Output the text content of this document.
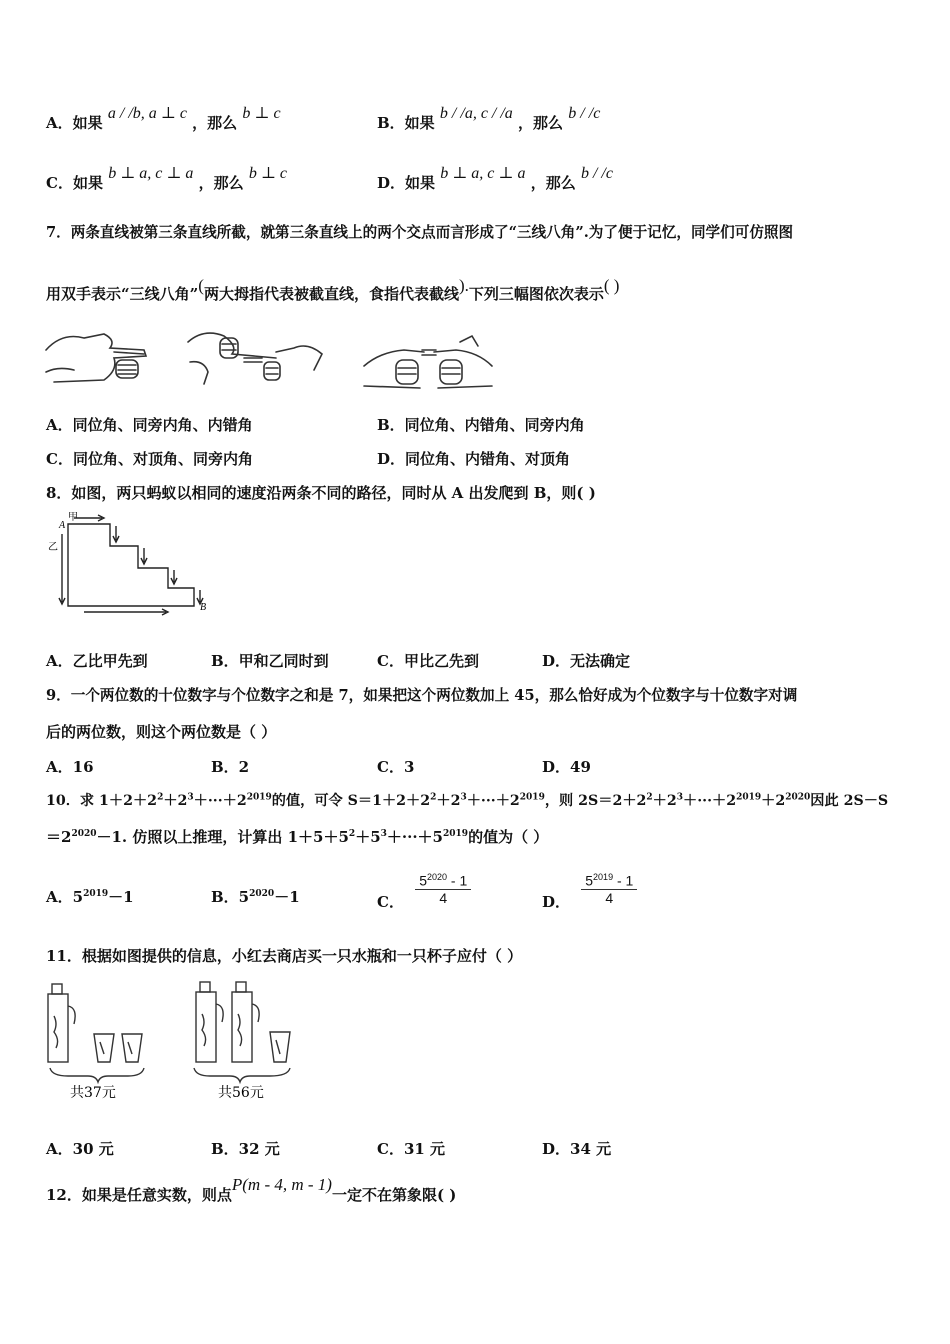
A．如果 a / /b, a ⊥ c ，那么 b ⊥ c
B．如果 b / /a, c / /a ，那么 b / /c
C．如果 b ⊥ a, c ⊥ a ，那么 b ⊥ c
D．如果 b ⊥ a, c ⊥ a ，那么 b / /c
7．两条直线被第三条直线所截，就第三条直线上的两个交点而言形成了“三线八角”.为了便于记忆，同学们可仿照图
用双手表示“三线八角”(两大拇指代表被截直线，食指代表截线).下列三幅图依次表示( )
A．同位角、同旁内角、内错角	B．同位角、内错角、同旁内角
C．同位角、对顶角、同旁内角	D．同位角、内错角、对顶角
8．如图，两只蚂蚁以相同的速度沿两条不同的路径，同时从 A 出发爬到 B，则( )
A
甲
乙
B
A．乙比甲先到	B．甲和乙同时到	C．甲比乙先到	D．无法确定
9．一个两位数的十位数字与个位数字之和是 7，如果把这个两位数加上 45，那么恰好成为个位数字与十位数字对调
后的两位数，则这个两位数是（ ）
A．16	B．2	C．3	D．49
10．求 $1+2+2^2+2^3+\cdot\cdot\cdot+2^{2019}$的值，可令 $S=1+2+2^2+2^3+\cdot\cdot\cdot+2^{2019}$，则 $2S=2+2^2+2^3+\cdot\cdot\cdot+2^{2019}+2^{2020}$因此 2S－S
$=2^{2020}-1$. 仿照以上推理，计算出 $1+5+5^2+5^3+\cdot\cdot\cdot+5^{2019}$的值为（ ）
A．$5^{2019}-1$	B．$5^{2020}-1$	C． $\frac{5^{2020} - 1}{4}$	D． $\frac{5^{2019} - 1}{4}$
11．根据如图提供的信息，小红去商店买一只水瓶和一只杯子应付（ ）
共37元	共56元
A．30 元	B．32 元	C．31 元	D．34 元
12．如果是任意实数，则点P(m - 4, m - 1)一定不在第象限( )
